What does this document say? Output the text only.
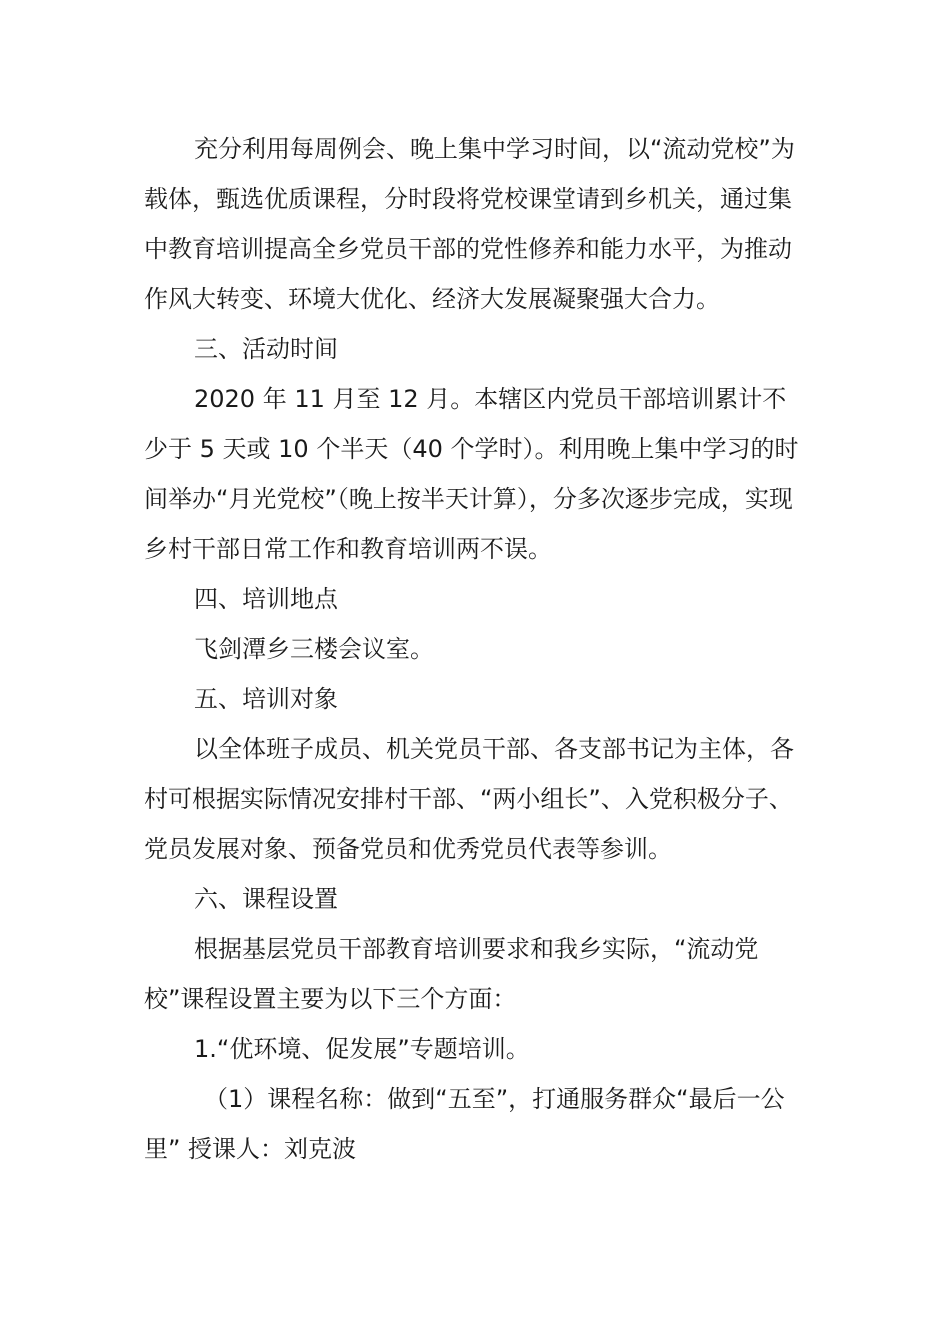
充分利用每周例会、晚上集中学习时间，以“流动党校”为载体，甄选优质课程，分时段将党校课堂请到乡机关，通过集中教育培训提高全乡党员干部的党性修养和能力水平，为推动作风大转变、环境大优化、经济大发展凝聚强大合力。

三、活动时间

2020 年 11 月至 12 月。本辖区内党员干部培训累计不少于 5 天或 10 个半天（40 个学时）。利用晚上集中学习的时间举办“月光党校”（晚上按半天计算），分多次逐步完成，实现乡村干部日常工作和教育培训两不误。

四、培训地点

飞剑潭乡三楼会议室。

五、培训对象

以全体班子成员、机关党员干部、各支部书记为主体，各村可根据实际情况安排村干部、“两小组长”、入党积极分子、党员发展对象、预备党员和优秀党员代表等参训。

六、课程设置

根据基层党员干部教育培训要求和我乡实际，“流动党校”课程设置主要为以下三个方面：

1.“优环境、促发展”专题培训。

（1）课程名称：做到“五至”，打通服务群众“最后一公里” 授课人：刘克波
